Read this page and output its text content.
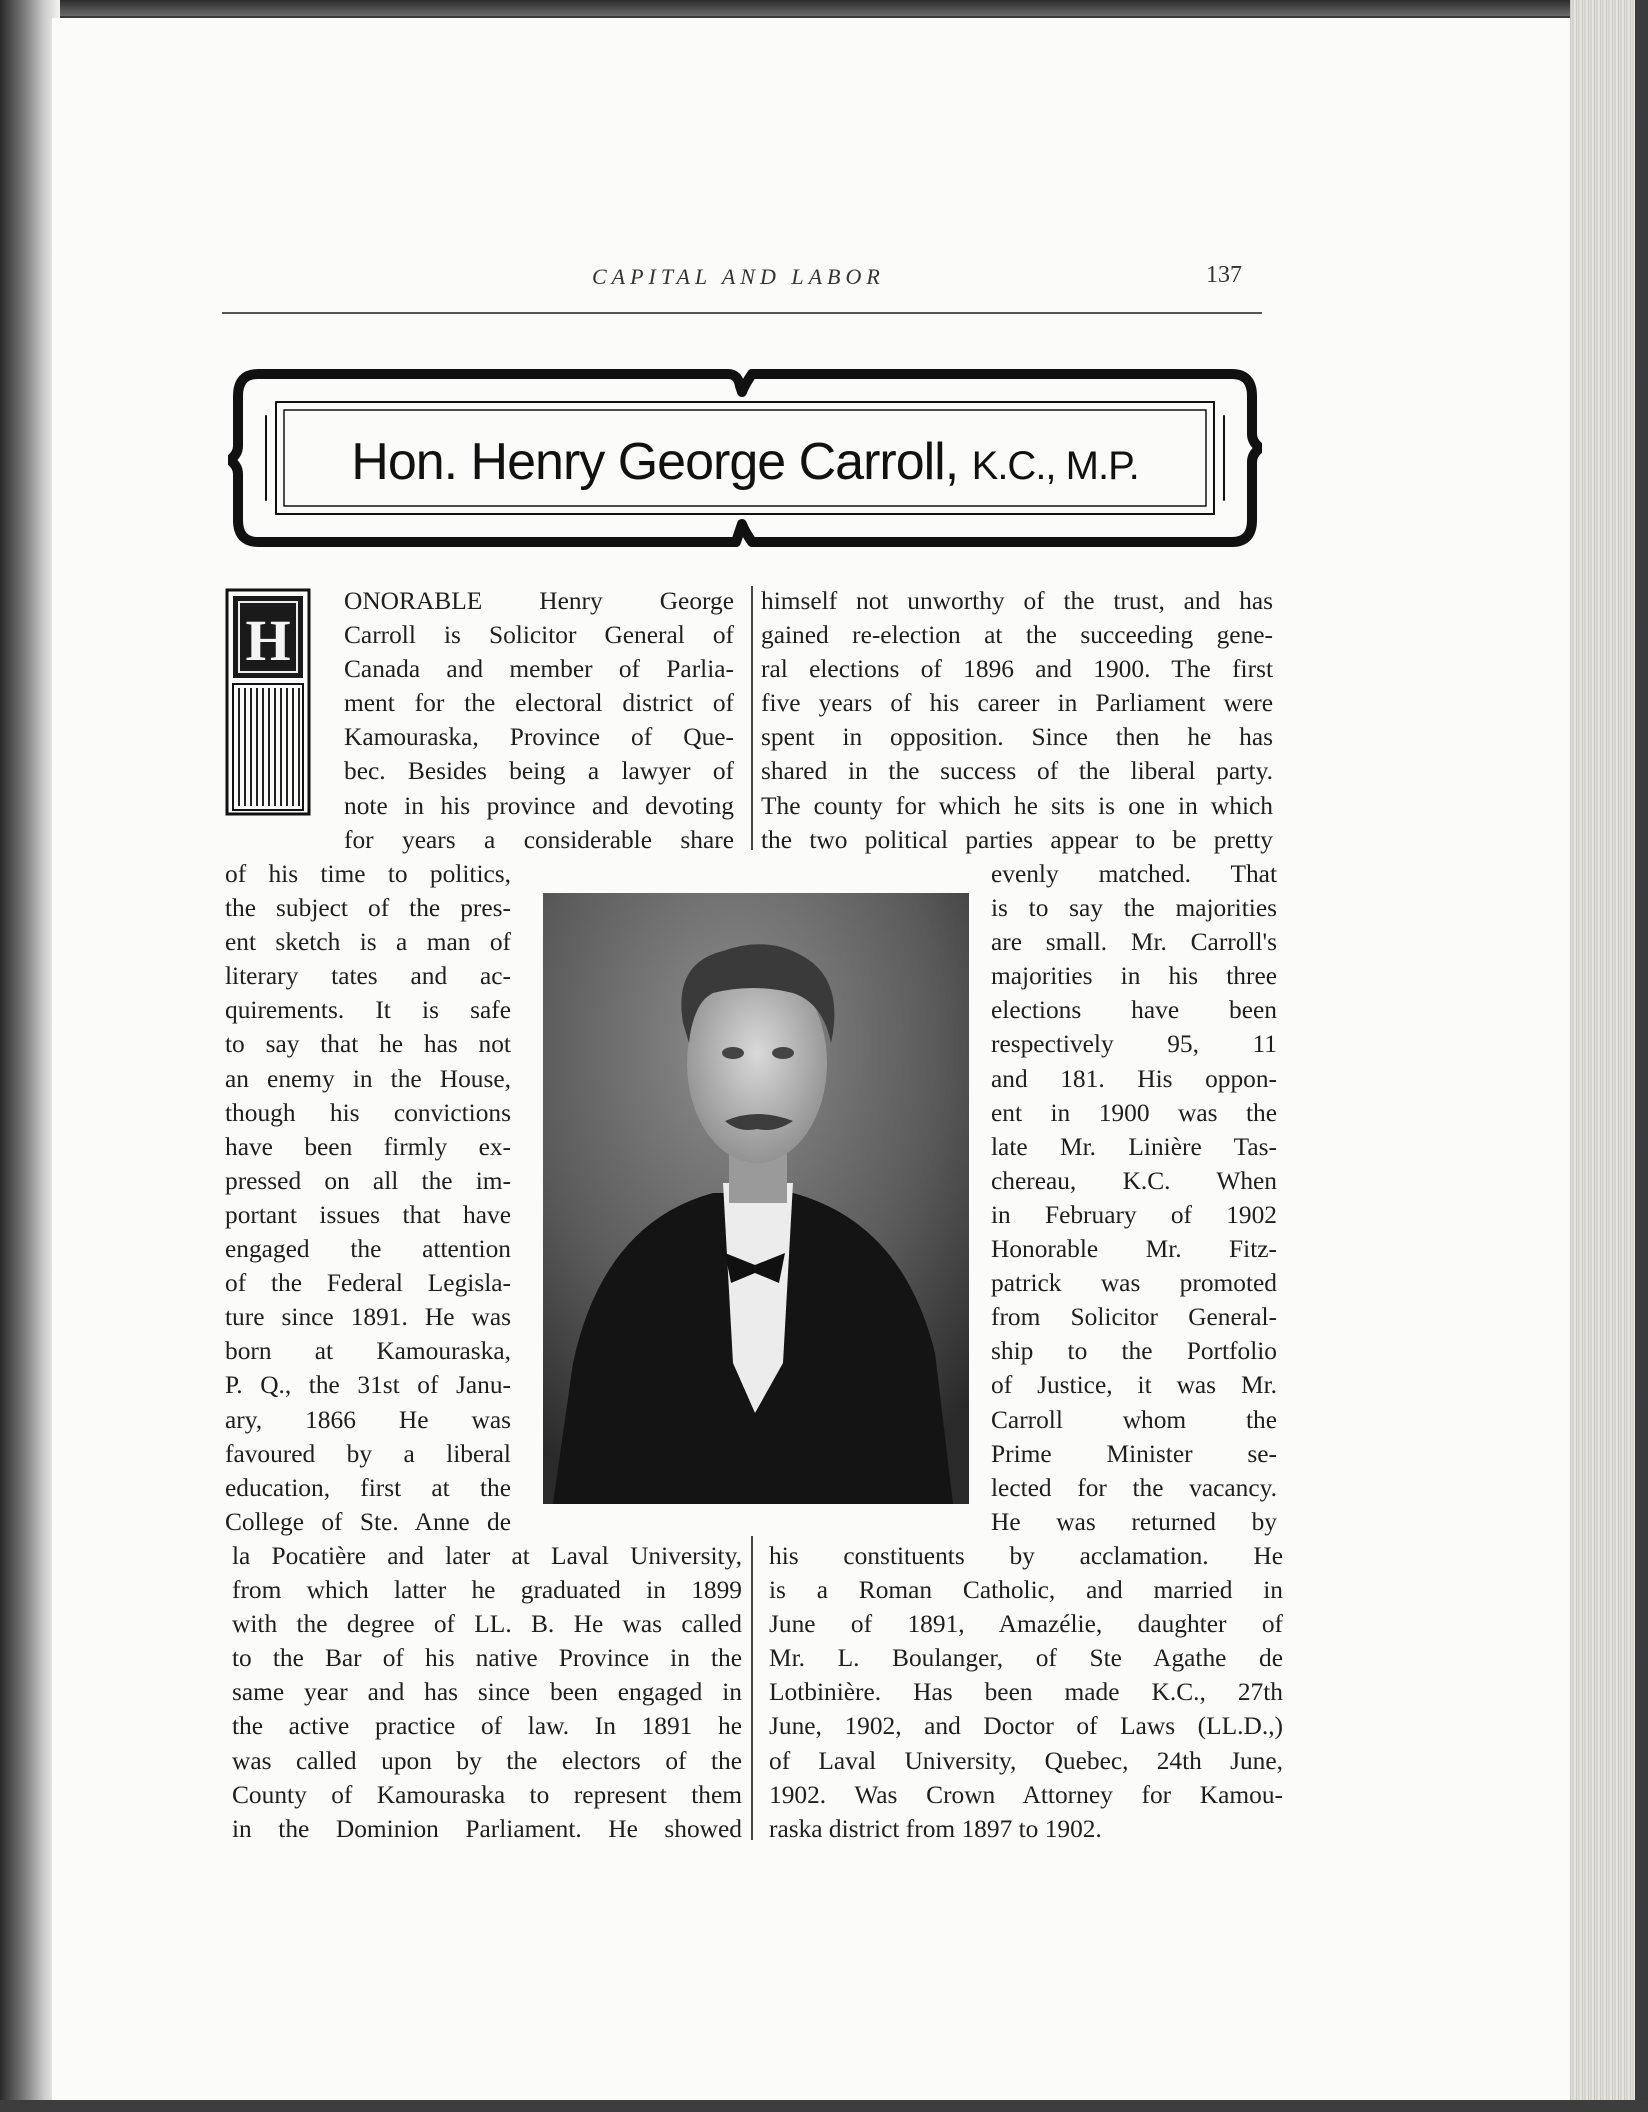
CAPITAL AND LABOR	137
Hon. Henry George Carroll, K.C., M.P.
H
ONORABLE Henry George
Carroll is Solicitor General of
Canada and member of Parlia-
ment for the electoral district of
Kamouraska, Province of Que-
bec. Besides being a lawyer of
note in his province and devoting
for years a considerable share
of his time to politics,
the subject of the pres-
ent sketch is a man of
literary tates and ac-
quirements. It is safe
to say that he has not
an enemy in the House,
though his convictions
have been firmly ex-
pressed on all the im-
portant issues that have
engaged the attention
of the Federal Legisla-
ture since 1891. He was
born at Kamouraska,
P. Q., the 31st of Janu-
ary, 1866 He was
favoured by a liberal
education, first at the
College of Ste. Anne de
la Pocatière and later at Laval University,
from which latter he graduated in 1899
with the degree of LL. B. He was called
to the Bar of his native Province in the
same year and has since been engaged in
the active practice of law. In 1891 he
was called upon by the electors of the
County of Kamouraska to represent them
in the Dominion Parliament. He showed
himself not unworthy of the trust, and has
gained re-election at the succeeding gene-
ral elections of 1896 and 1900. The first
five years of his career in Parliament were
spent in opposition. Since then he has
shared in the success of the liberal party.
The county for which he sits is one in which
the two political parties appear to be pretty
evenly matched. That
is to say the majorities
are small. Mr. Carroll's
majorities in his three
elections have been
respectively 95, 11
and 181. His oppon-
ent in 1900 was the
late Mr. Linière Tas-
chereau, K.C. When
in February of 1902
Honorable Mr. Fitz-
patrick was promoted
from Solicitor General-
ship to the Portfolio
of Justice, it was Mr.
Carroll whom the
Prime Minister se-
lected for the vacancy.
He was returned by
his constituents by acclamation. He
is a Roman Catholic, and married in
June of 1891, Amazélie, daughter of
Mr. L. Boulanger, of Ste Agathe de
Lotbinière. Has been made K.C., 27th
June, 1902, and Doctor of Laws (LL.D.,)
of Laval University, Quebec, 24th June,
1902. Was Crown Attorney for Kamou-
raska district from 1897 to 1902.
